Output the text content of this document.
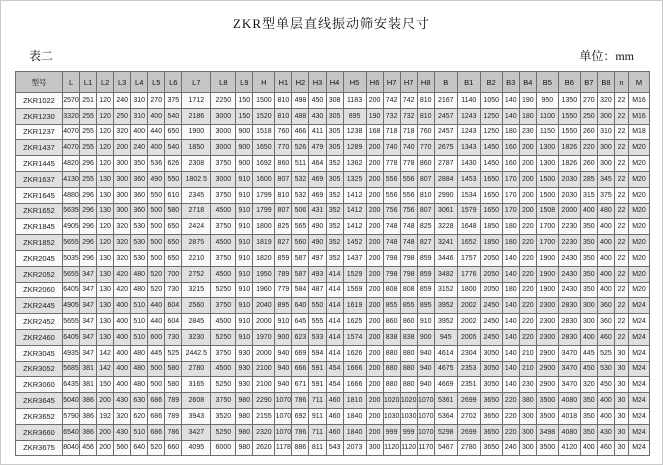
ZKR型单层直线振动筛安装尺寸
表二	单位：mm
型号	L	L1	L2	L3	L4	L5	L6	L7	L8	L9	H	H1	H2	H3	H4	H5	H6	H7	H7	H8	B	B1	B2	B3	B4	B5	B6	B7	B8	n	M
ZKR1022	2570	251	120	240	310	270	375	1712	2250	150	1500	810	498	450	308	1183	200	742	742	810	2167	1140	1050	140	190	950	1350	270	320	22	M16
ZKR1230	3320	255	120	250	310	400	540	2186	3000	150	1520	810	488	430	305	895	190	732	732	810	2457	1243	1250	140	180	1100	1550	250	300	22	M16
ZKR1237	4070	255	120	320	400	440	650	1900	3000	900	1518	760	466	411	305	1238	168	718	718	760	2457	1243	1250	180	230	1150	1550	260	310	22	M18
ZKR1437	4070	255	120	200	240	400	540	1850	3000	900	1650	770	526	479	305	1289	200	740	740	770	2675	1343	1450	160	200	1300	1826	220	300	22	M20
ZKR1445	4820	296	120	300	350	536	626	2308	3750	900	1692	860	511	464	352	1362	200	778	778	860	2787	1430	1450	160	200	1300	1826	260	300	22	M20
ZKR1637	4130	255	130	300	360	490	550	1802.5	3000	910	1600	807	532	469	305	1325	200	556	556	807	2884	1453	1650	170	200	1500	2030	285	345	22	M20
ZKR1645	4880	296	130	300	360	550	610	2345	3750	910	1799	810	532	469	352	1412	200	556	556	810	2990	1534	1650	170	200	1500	2030	315	375	22	M20
ZKR1652	5635	296	130	300	360	500	580	2718	4500	910	1799	807	506	431	352	1412	200	756	756	807	3061	1579	1650	170	200	1508	2000	400	480	22	M20
ZKR1845	4905	296	120	320	530	500	650	2424	3750	910	1800	825	565	490	352	1412	200	748	748	825	3228	1648	1850	180	220	1700	2230	350	400	22	M20
ZKR1852	5655	296	120	320	530	500	650	2875	4500	910	1819	827	560	490	352	1452	200	748	748	827	3241	1652	1850	180	220	1700	2230	350	400	22	M20
ZKR2045	5035	296	130	320	530	500	650	2210	3750	910	1820	859	587	497	352	1437	200	798	798	859	3446	1757	2050	140	220	1900	2430	350	400	22	M20
ZKR2052	5655	347	130	420	480	520	700	2752	4500	910	1950	789	587	493	414	1529	200	798	798	859	3482	1776	2050	140	220	1900	2430	350	400	22	M20
ZKR2060	6405	347	130	420	480	520	730	3215	5250	910	1960	779	584	487	414	1569	200	808	808	859	3152	1800	2050	180	220	1900	2430	350	400	22	M20
ZKR2445	4905	347	130	400	510	440	604	2560	3750	910	2040	895	640	550	414	1619	200	855	855	895	3952	2002	2450	140	220	2300	2830	300	360	22	M24
ZKR2452	5655	347	130	400	510	440	604	2845	4500	910	2000	910	645	555	414	1625	200	860	860	910	3952	2002	2450	140	220	2300	2830	300	360	22	M24
ZKR2460	6405	347	130	400	510	600	730	3230	5250	910	1970	900	623	533	414	1574	200	838	838	900	945	2005	2450	140	220	2300	2830	400	460	22	M24
ZKR3045	4935	347	142	400	480	445	525	2442.5	3750	930	2000	940	669	594	414	1626	200	880	880	940	4614	2304	3050	140	210	2900	3470	445	525	30	M24
ZKR3052	5685	381	142	400	480	500	580	2780	4500	930	2100	940	666	591	454	1666	200	880	880	940	4675	2353	3050	140	210	2900	3470	450	530	30	M24
ZKR3060	6435	381	150	400	480	500	580	3165	5250	930	2100	940	671	591	454	1666	200	880	880	940	4669	2351	3050	140	230	2900	3470	320	450	30	M24
ZKR3645	5040	386	200	430	630	686	789	2608	3750	980	2290	1070	786	711	460	1810	200	1020	1020	1070	5361	2699	3650	220	380	3500	4080	350	400	30	M24
ZKR3652	5790	386	192	320	620	686	789	3943	3520	980	2155	1070	692	911	460	1840	200	1030	1030	1070	5364	2702	3650	220	300	3500	4018	350	400	30	M24
ZKR3660	6540	386	200	430	510	686	786	3427	5250	980	2320	1070	786	711	460	1840	200	999	999	1070	5298	2699	3650	220	300	3498	4080	350	430	30	M24
ZKR3675	8040	456	200	560	640	520	660	4095	6000	980	2620	1178	886	811	543	2073	300	1120	1120	1170	5467	2780	3650	240	300	3500	4120	400	460	30	M24
